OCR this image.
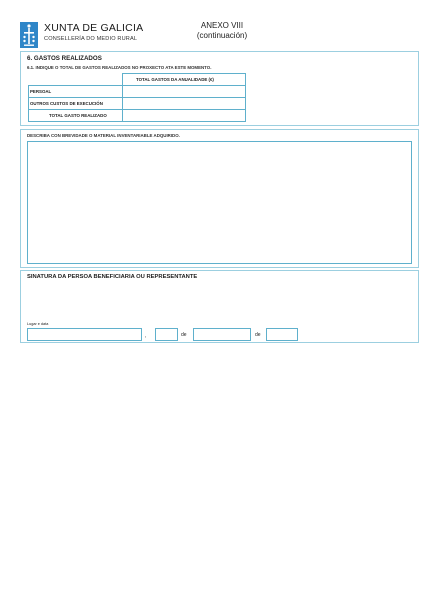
XUNTA DE GALICIA
CONSELLERÍA DO MEDIO RURAL
ANEXO VIII
(continuación)
6. GASTOS REALIZADOS
6.1. INDIQUE O TOTAL DE GASTOS REALIZADOS NO PROXECTO ATA ESTE MOMENTO.
TOTAL GASTOS DA ANUALIDADE (€)
PERSOAL
OUTROS CUSTOS DE EXECUCIÓN
TOTAL GASTO REALIZADO
DESCRIBA CON BREVIDADE O MATERIAL INVENTARIABLE ADQUIRIDO.
SINATURA DA PERSOA BENEFICIARIA OU REPRESENTANTE
Lugar e data
,	de	de
